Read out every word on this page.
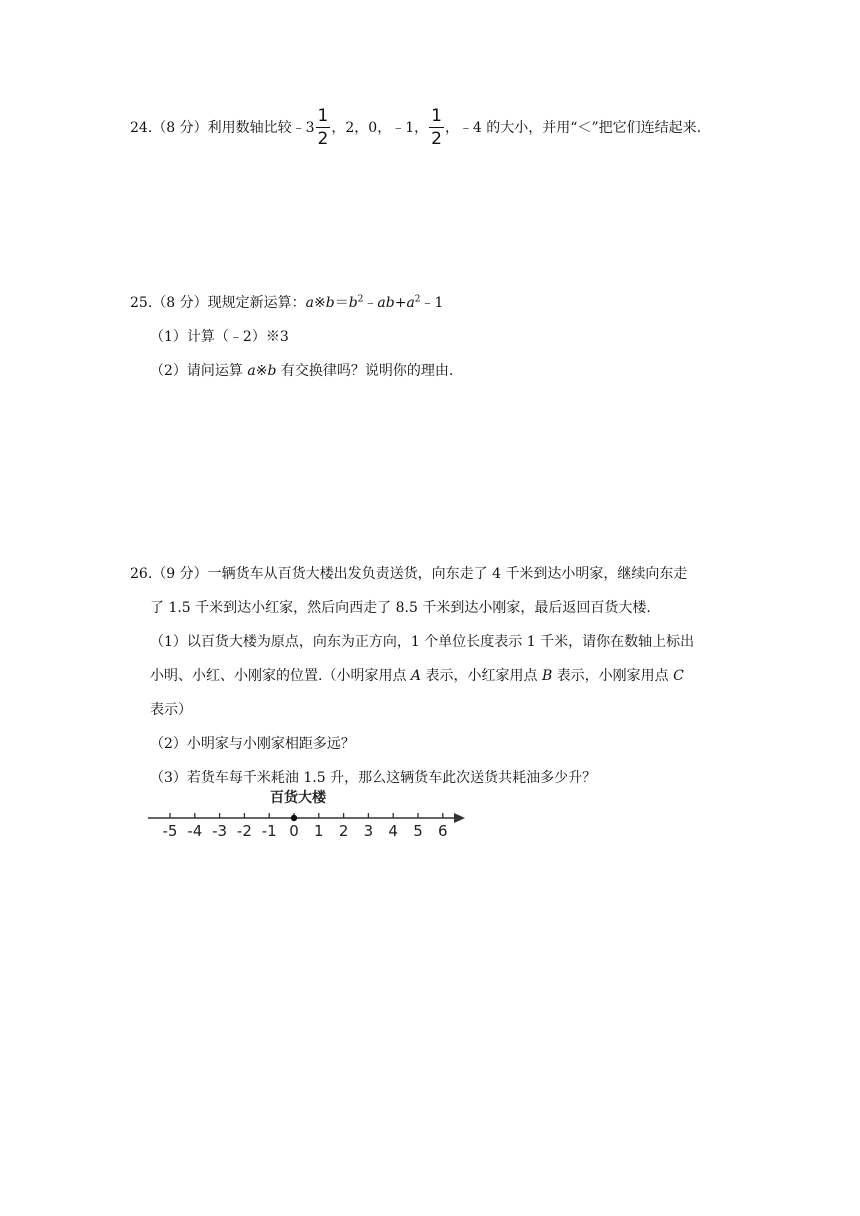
24.（8 分）利用数轴比较﹣3 $\frac{1}{2}$ ，2，0，﹣1， $\frac{1}{2}$ ，﹣4 的大小，并用“＜”把它们连结起来.
25.（8 分）现规定新运算：$a※b=b^2﹣ab+a^2﹣1$
（1）计算（﹣2）※3
（2）请问运算 a※b 有交换律吗？说明你的理由.
26.（9 分）一辆货车从百货大楼出发负责送货，向东走了 4 千米到达小明家，继续向东走
了 1.5 千米到达小红家，然后向西走了 8.5 千米到达小刚家，最后返回百货大楼.
（1）以百货大楼为原点，向东为正方向，1 个单位长度表示 1 千米，请你在数轴上标出
小明、小红、小刚家的位置.（小明家用点 A 表示，小红家用点 B 表示，小刚家用点 C
表示）
（2）小明家与小刚家相距多远？
（3）若货车每千米耗油 1.5 升，那么这辆货车此次送货共耗油多少升？
百货大楼
-5 -4 -3 -2 -1 0 1 2 3 4 5 6
